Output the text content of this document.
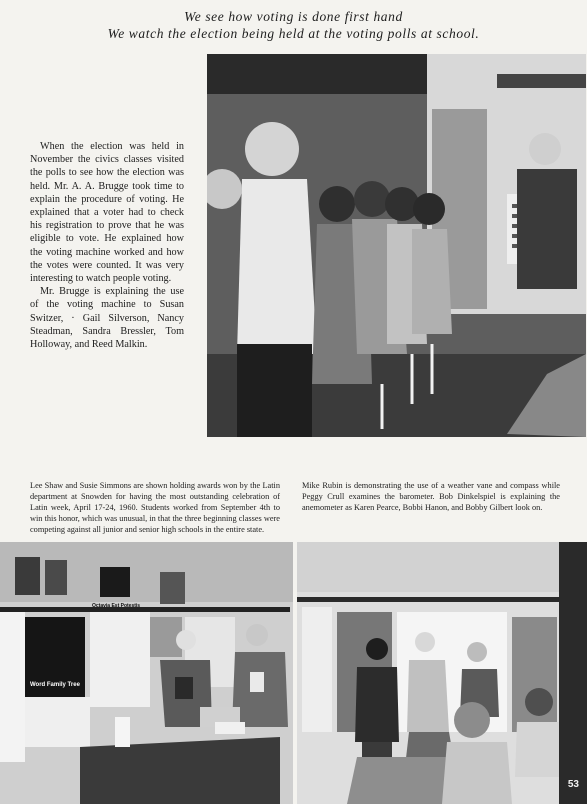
We see how voting is done first hand
We watch the election being held at the voting polls at school.

When the election was held in November the civics classes visited the polls to see how the election was held. Mr. A. A. Brugge took time to explain the procedure of voting. He explained that a voter had to check his registration to prove that he was eligible to vote. He explained how the voting machine worked and how the votes were counted. It was very interesting to watch people voting.

Mr. Brugge is explaining the use of the voting machine to Susan Switzer, · Gail Silverson, Nancy Steadman, Sandra Bressler, Tom Holloway, and Reed Malkin.

Lee Shaw and Susie Simmons are shown holding awards won by the Latin department at Snowden for having the most outstanding celebration of Latin week, April 17-24, 1960. Students worked from September 4th to win this honor, which was unusual, in that the three beginning classes were competing against all junior and senior high schools in the entire state.
Mike Rubin is demonstrating the use of a weather vane and compass while Peggy Crull examines the barometer. Bob Dinkelspiel is explaining the anemometer as Karen Pearce, Bobbi Hanon, and Bobby Gilbert look on.
Octavia Est Potestis
Word Family Tree
53
